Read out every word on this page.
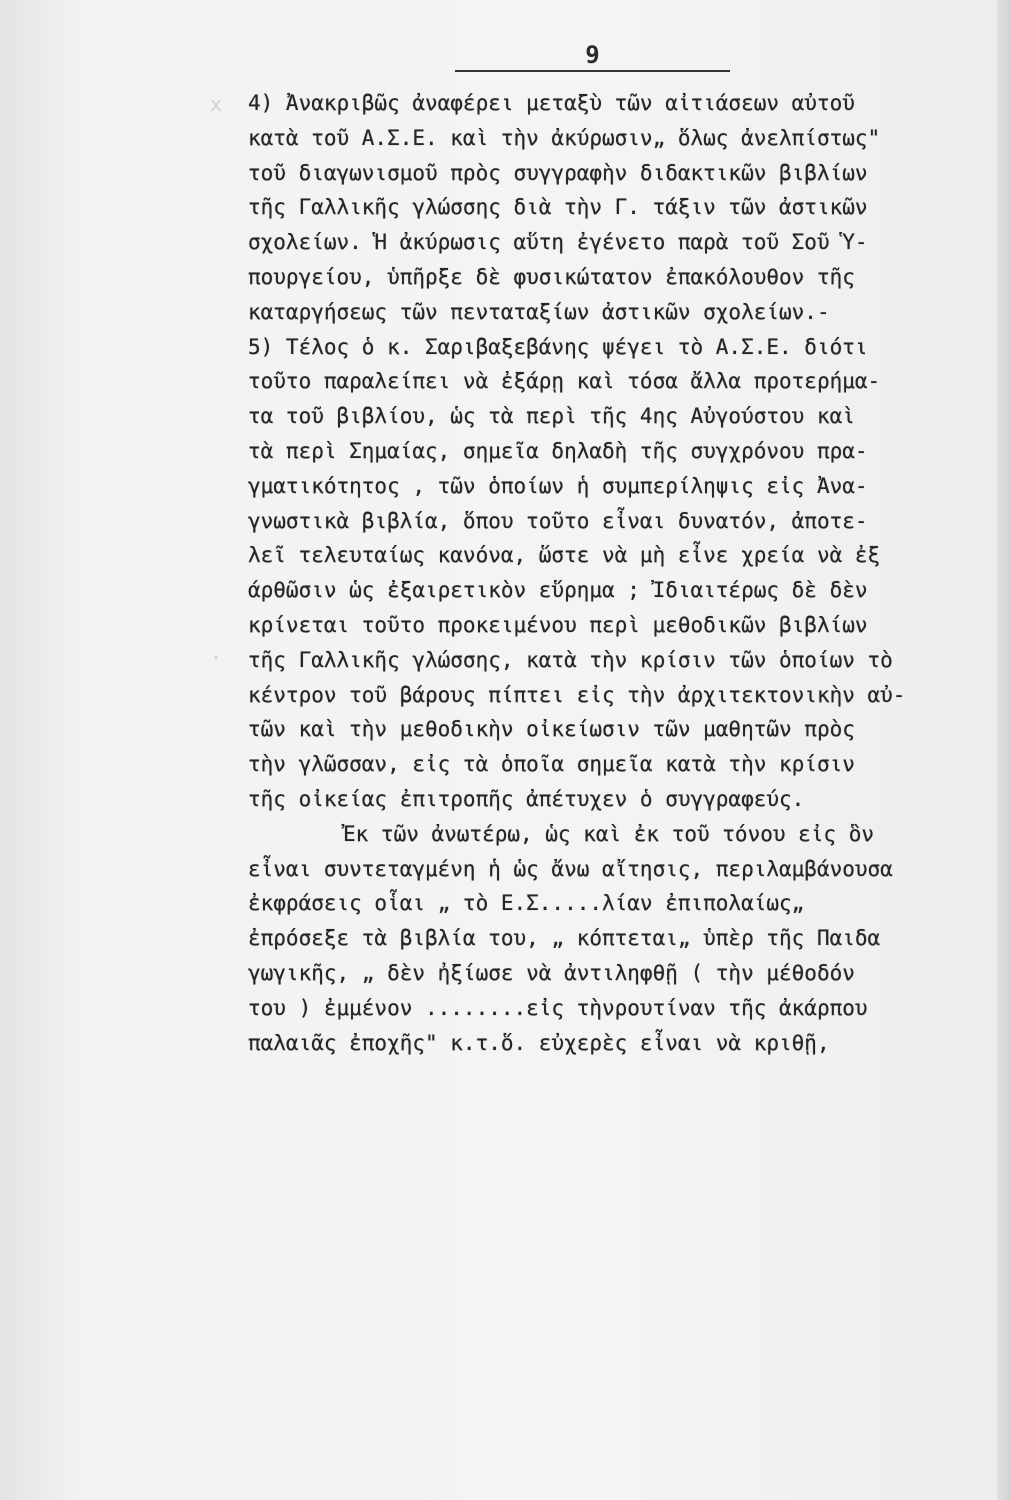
x
.
9
4) Ἀνακριβῶς ἀναφέρει μεταξὺ τῶν αἰτιάσεων αὐτοῦ
κατὰ τοῦ Α.Σ.Ε. καὶ τὴν ἀκύρωσιν„ ὅλως ἀνελπίστως"
τοῦ διαγωνισμοῦ πρὸς συγγραφὴν διδακτικῶν βιβλίων
τῆς Γαλλικῆς γλώσσης διὰ τὴν Γ. τάξιν τῶν ἀστικῶν
σχολείων. Ἡ ἀκύρωσις αὕτη ἐγένετο παρὰ τοῦ Σοῦ Ὑ-
πουργείου, ὑπῆρξε δὲ φυσικώτατον ἐπακόλουθον τῆς
καταργήσεως τῶν πενταταξίων ἀστικῶν σχολείων.-
5) Τέλος ὁ κ. Σαριβαξεβάνης ψέγει τὸ Α.Σ.Ε. διότι
τοῦτο παραλείπει νὰ ἐξάρῃ καὶ τόσα ἄλλα προτερήμα-
τα τοῦ βιβλίου, ὡς τὰ περὶ τῆς 4ης Αὐγούστου καὶ
τὰ περὶ Σημαίας, σημεῖα δηλαδὴ τῆς συγχρόνου πρα-
γματικότητος , τῶν ὁποίων ἡ συμπερίληψις εἰς Ἀνα-
γνωστικὰ βιβλία, ὅπου τοῦτο εἶναι δυνατόν, ἀποτε-
λεῖ τελευταίως κανόνα, ὥστε νὰ μὴ εἶνε χρεία νὰ ἐξ
άρθῶσιν ὡς ἐξαιρετικὸν εὕρημα ; Ἰδιαιτέρως δὲ δὲν
κρίνεται τοῦτο προκειμένου περὶ μεθοδικῶν βιβλίων
τῆς Γαλλικῆς γλώσσης, κατὰ τὴν κρίσιν τῶν ὁποίων τὸ
κέντρον τοῦ βάρους πίπτει εἰς τὴν ἀρχιτεκτονικὴν αὐ-
τῶν καὶ τὴν μεθοδικὴν οἰκείωσιν τῶν μαθητῶν πρὸς
τὴν γλῶσσαν, εἰς τὰ ὁποῖα σημεῖα κατὰ τὴν κρίσιν
τῆς οἰκείας ἐπιτροπῆς ἀπέτυχεν ὁ συγγραφεύς.
Ἐκ τῶν ἀνωτέρω, ὡς καὶ ἐκ τοῦ τόνου εἰς ὃν
εἶναι συντεταγμένη ἡ ὡς ἄνω αἴτησις, περιλαμβάνουσα
ἐκφράσεις οἷαι „ τὸ Ε.Σ.....λίαν ἐπιπολαίως„
ἐπρόσεξε τὰ βιβλία του, „ κόπτεται„ ὑπὲρ τῆς Παιδα
γωγικῆς, „ δὲν ἠξίωσε νὰ ἀντιληφθῇ ( τὴν μέθοδόν
του ) ἐμμένον ........εἰς τὴνρουτίναν τῆς ἀκάρπου
παλαιᾶς ἐποχῆς" κ.τ.ὅ. εὐχερὲς εἶναι νὰ κριθῇ,
